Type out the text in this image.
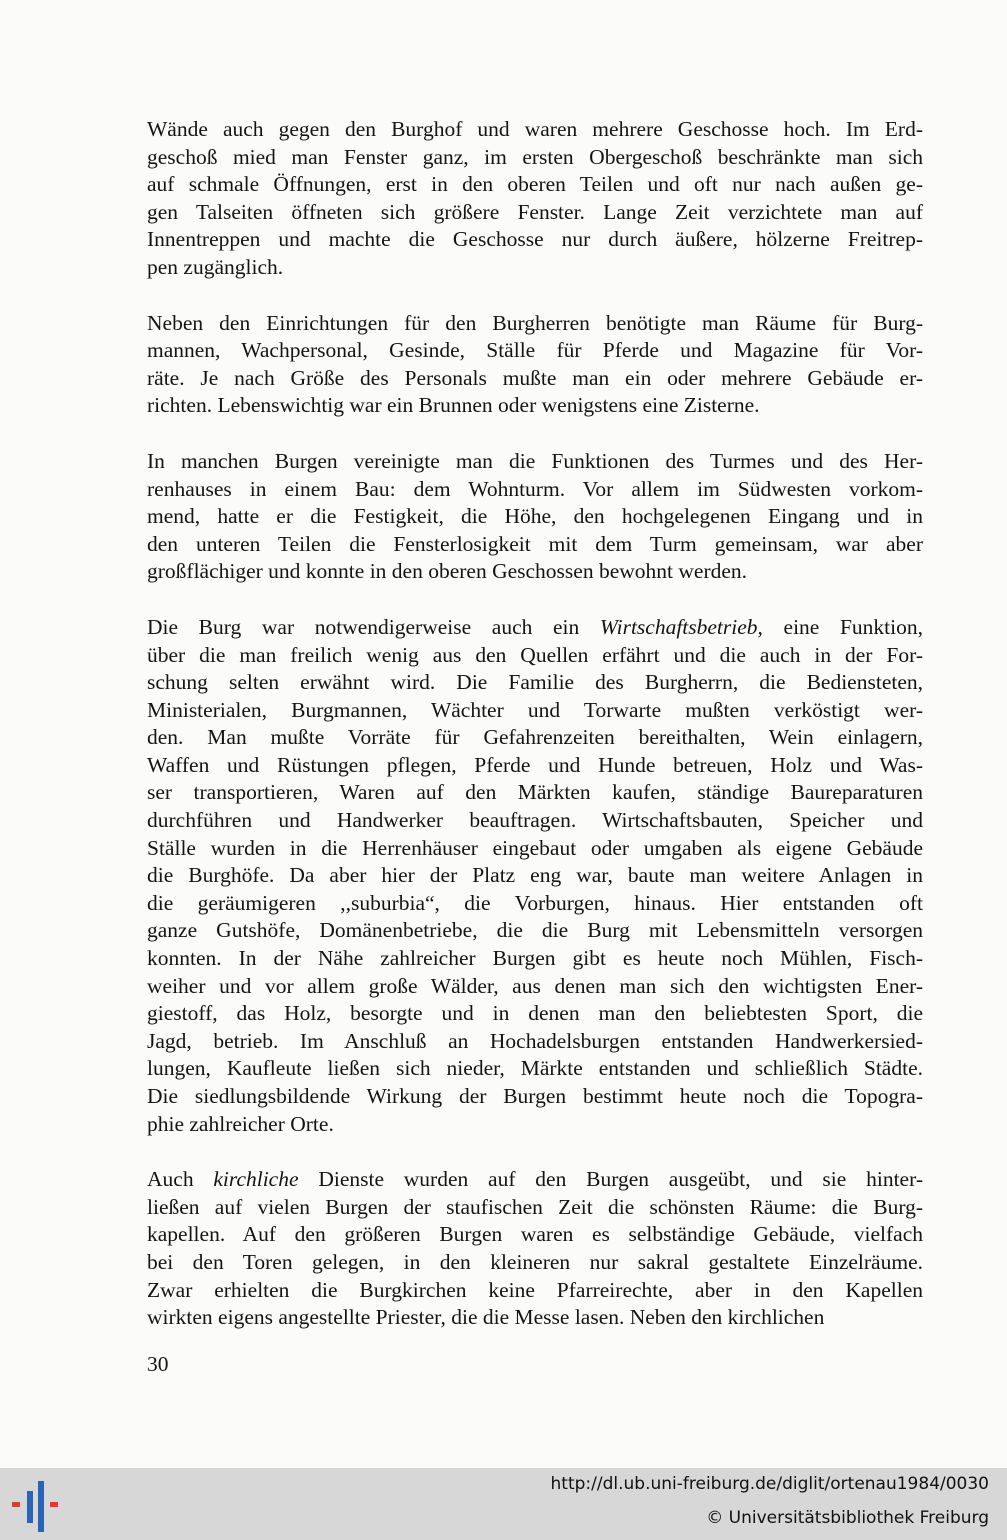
Wände auch gegen den Burghof und waren mehrere Geschosse hoch. Im Erd-
geschoß mied man Fenster ganz, im ersten Obergeschoß beschränkte man sich
auf schmale Öffnungen, erst in den oberen Teilen und oft nur nach außen ge-
gen Talseiten öffneten sich größere Fenster. Lange Zeit verzichtete man auf
Innentreppen und machte die Geschosse nur durch äußere, hölzerne Freitrep-
pen zugänglich.
Neben den Einrichtungen für den Burgherren benötigte man Räume für Burg-
mannen, Wachpersonal, Gesinde, Ställe für Pferde und Magazine für Vor-
räte. Je nach Größe des Personals mußte man ein oder mehrere Gebäude er-
richten. Lebenswichtig war ein Brunnen oder wenigstens eine Zisterne.
In manchen Burgen vereinigte man die Funktionen des Turmes und des Her-
renhauses in einem Bau: dem Wohnturm. Vor allem im Südwesten vorkom-
mend, hatte er die Festigkeit, die Höhe, den hochgelegenen Eingang und in
den unteren Teilen die Fensterlosigkeit mit dem Turm gemeinsam, war aber
großflächiger und konnte in den oberen Geschossen bewohnt werden.
Die Burg war notwendigerweise auch ein Wirtschaftsbetrieb, eine Funktion,
über die man freilich wenig aus den Quellen erfährt und die auch in der For-
schung selten erwähnt wird. Die Familie des Burgherrn, die Bediensteten,
Ministerialen, Burgmannen, Wächter und Torwarte mußten verköstigt wer-
den. Man mußte Vorräte für Gefahrenzeiten bereithalten, Wein einlagern,
Waffen und Rüstungen pflegen, Pferde und Hunde betreuen, Holz und Was-
ser transportieren, Waren auf den Märkten kaufen, ständige Baureparaturen
durchführen und Handwerker beauftragen. Wirtschaftsbauten, Speicher und
Ställe wurden in die Herrenhäuser eingebaut oder umgaben als eigene Gebäude
die Burghöfe. Da aber hier der Platz eng war, baute man weitere Anlagen in
die geräumigeren ,,suburbia“, die Vorburgen, hinaus. Hier entstanden oft
ganze Gutshöfe, Domänenbetriebe, die die Burg mit Lebensmitteln versorgen
konnten. In der Nähe zahlreicher Burgen gibt es heute noch Mühlen, Fisch-
weiher und vor allem große Wälder, aus denen man sich den wichtigsten Ener-
giestoff, das Holz, besorgte und in denen man den beliebtesten Sport, die
Jagd, betrieb. Im Anschluß an Hochadelsburgen entstanden Handwerkersied-
lungen, Kaufleute ließen sich nieder, Märkte entstanden und schließlich Städte.
Die siedlungsbildende Wirkung der Burgen bestimmt heute noch die Topogra-
phie zahlreicher Orte.
Auch kirchliche Dienste wurden auf den Burgen ausgeübt, und sie hinter-
ließen auf vielen Burgen der staufischen Zeit die schönsten Räume: die Burg-
kapellen. Auf den größeren Burgen waren es selbständige Gebäude, vielfach
bei den Toren gelegen, in den kleineren nur sakral gestaltete Einzelräume.
Zwar erhielten die Burgkirchen keine Pfarreirechte, aber in den Kapellen
wirkten eigens angestellte Priester, die die Messe lasen. Neben den kirchlichen
30
http://dl.ub.uni-freiburg.de/diglit/ortenau1984/0030
© Universitätsbibliothek Freiburg
